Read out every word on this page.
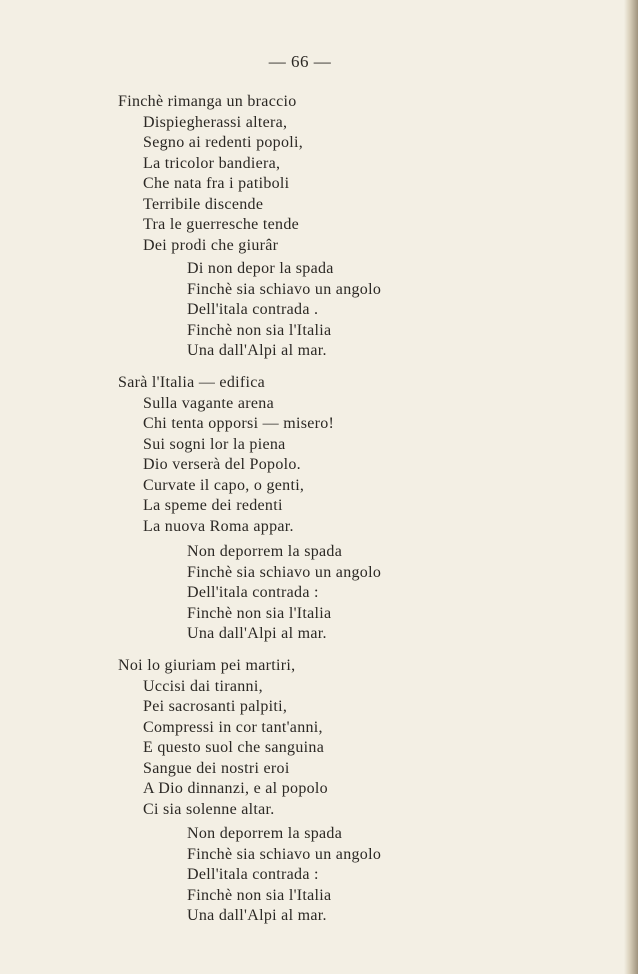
— 66 —
Finchè rimanga un braccio
Dispiegherassi altera,
Segno ai redenti popoli,
La tricolor bandiera,
Che nata fra i patiboli
Terribile discende
Tra le guerresche tende
Dei prodi che giurâr
Di non depor la spada
Finchè sia schiavo un angolo
Dell'itala contrada .
Finchè non sia l'Italia
Una dall'Alpi al mar.
Sarà l'Italia — edifica
Sulla vagante arena
Chi tenta opporsi — misero!
Sui sogni lor la piena
Dio verserà del Popolo.
Curvate il capo, o genti,
La speme dei redenti
La nuova Roma appar.
Non deporrem la spada
Finchè sia schiavo un angolo
Dell'itala contrada :
Finchè non sia l'Italia
Una dall'Alpi al mar.
Noi lo giuriam pei martiri,
Uccisi dai tiranni,
Pei sacrosanti palpiti,
Compressi in cor tant'anni,
E questo suol che sanguina
Sangue dei nostri eroi
A Dio dinnanzi, e al popolo
Ci sia solenne altar.
Non deporrem la spada
Finchè sia schiavo un angolo
Dell'itala contrada :
Finchè non sia l'Italia
Una dall'Alpi al mar.
